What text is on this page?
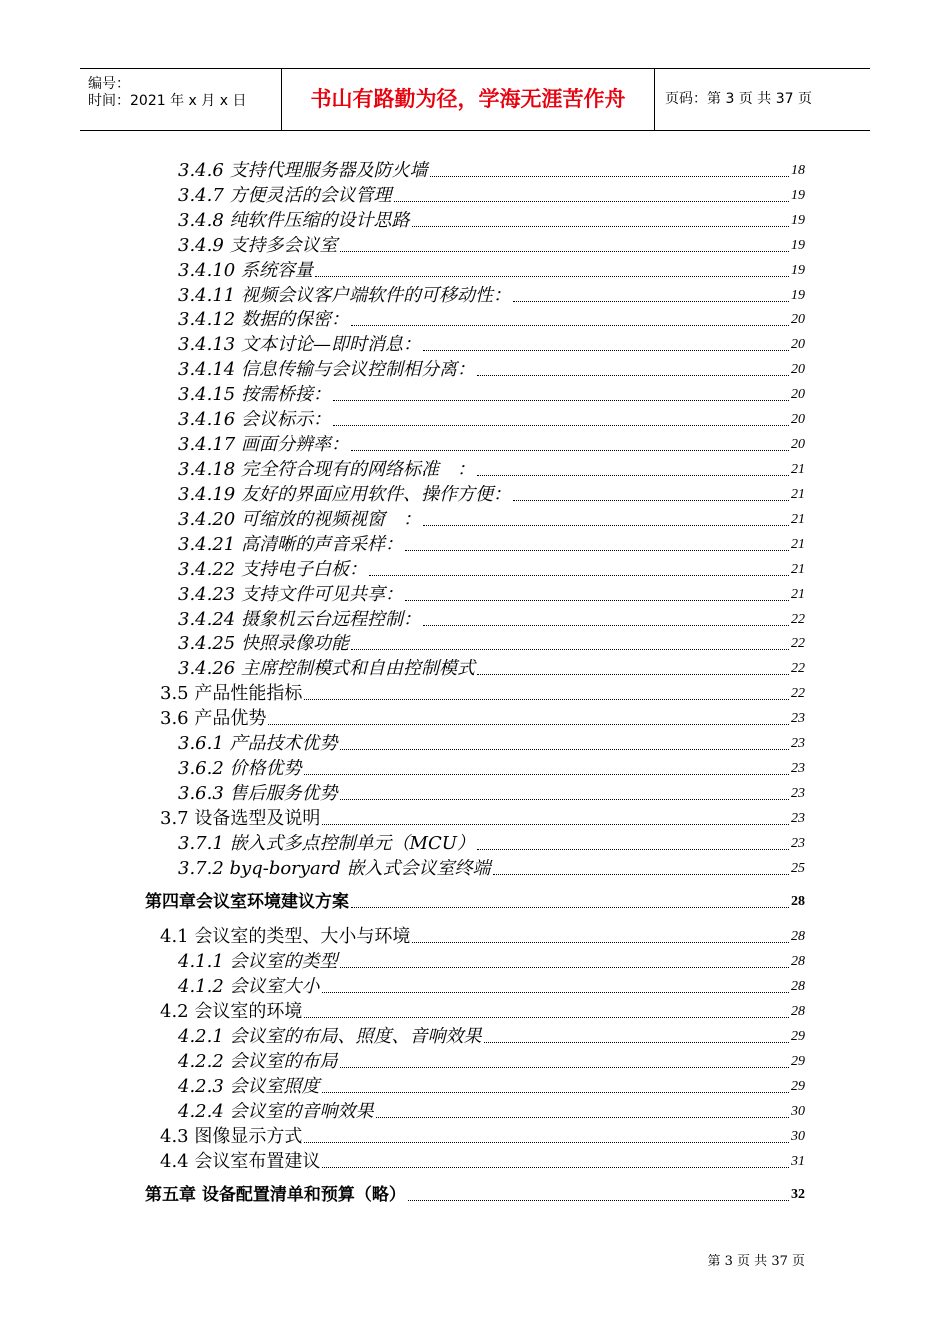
编号：
时间：2021 年 x 月 x 日	书山有路勤为径，学海无涯苦作舟	页码：第 3 页 共 37 页
3.4.6 支持代理服务器及防火墙	18
3.4.7 方便灵活的会议管理	19
3.4.8 纯软件压缩的设计思路	19
3.4.9 支持多会议室	19
3.4.10 系统容量	19
3.4.11 视频会议客户端软件的可移动性：	19
3.4.12 数据的保密：	20
3.4.13 文本讨论—即时消息：	20
3.4.14 信息传输与会议控制相分离：	20
3.4.15 按需桥接：	20
3.4.16 会议标示：	20
3.4.17 画面分辨率：	20
3.4.18 完全符合现有的网络标准　：	21
3.4.19 友好的界面应用软件、操作方便：	21
3.4.20 可缩放的视频视窗　：	21
3.4.21 高清晰的声音采样：	21
3.4.22 支持电子白板：	21
3.4.23 支持文件可见共享：	21
3.4.24 摄象机云台远程控制：	22
3.4.25 快照录像功能	22
3.4.26 主席控制模式和自由控制模式	22
3.5 产品性能指标	22
3.6 产品优势	23
3.6.1 产品技术优势	23
3.6.2 价格优势	23
3.6.3 售后服务优势	23
3.7 设备选型及说明	23
3.7.1 嵌入式多点控制单元（MCU）	23
3.7.2 byq-boryard 嵌入式会议室终端	25
第四章会议室环境建议方案	28
4.1 会议室的类型、大小与环境	28
4.1.1 会议室的类型	28
4.1.2 会议室大小	28
4.2 会议室的环境	28
4.2.1 会议室的布局、照度、音响效果	29
4.2.2 会议室的布局	29
4.2.3 会议室照度	29
4.2.4 会议室的音响效果	30
4.3 图像显示方式	30
4.4 会议室布置建议	31
第五章 设备配置清单和预算（略）	32
第 3 页 共 37 页
